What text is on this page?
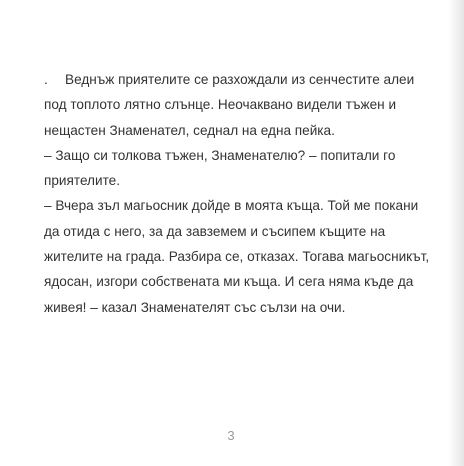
. Веднъж приятелите се разхождали из сенчестите алеи
под топлото лятно слънце. Неочаквано видели тъжен и
нещастен Знаменател, седнал на една пейка.
– Защо си толкова тъжен, Знаменателю? – попитали го
приятелите.
– Вчера зъл магьосник дойде в моята къща. Той ме покани
да отида с него, за да завземем и съсипем къщите на
жителите на града. Разбира се, отказах. Тогава магьосникът,
ядосан, изгори собствената ми къща. И сега няма къде да
живея! – казал Знаменателят със сълзи на очи.
3
